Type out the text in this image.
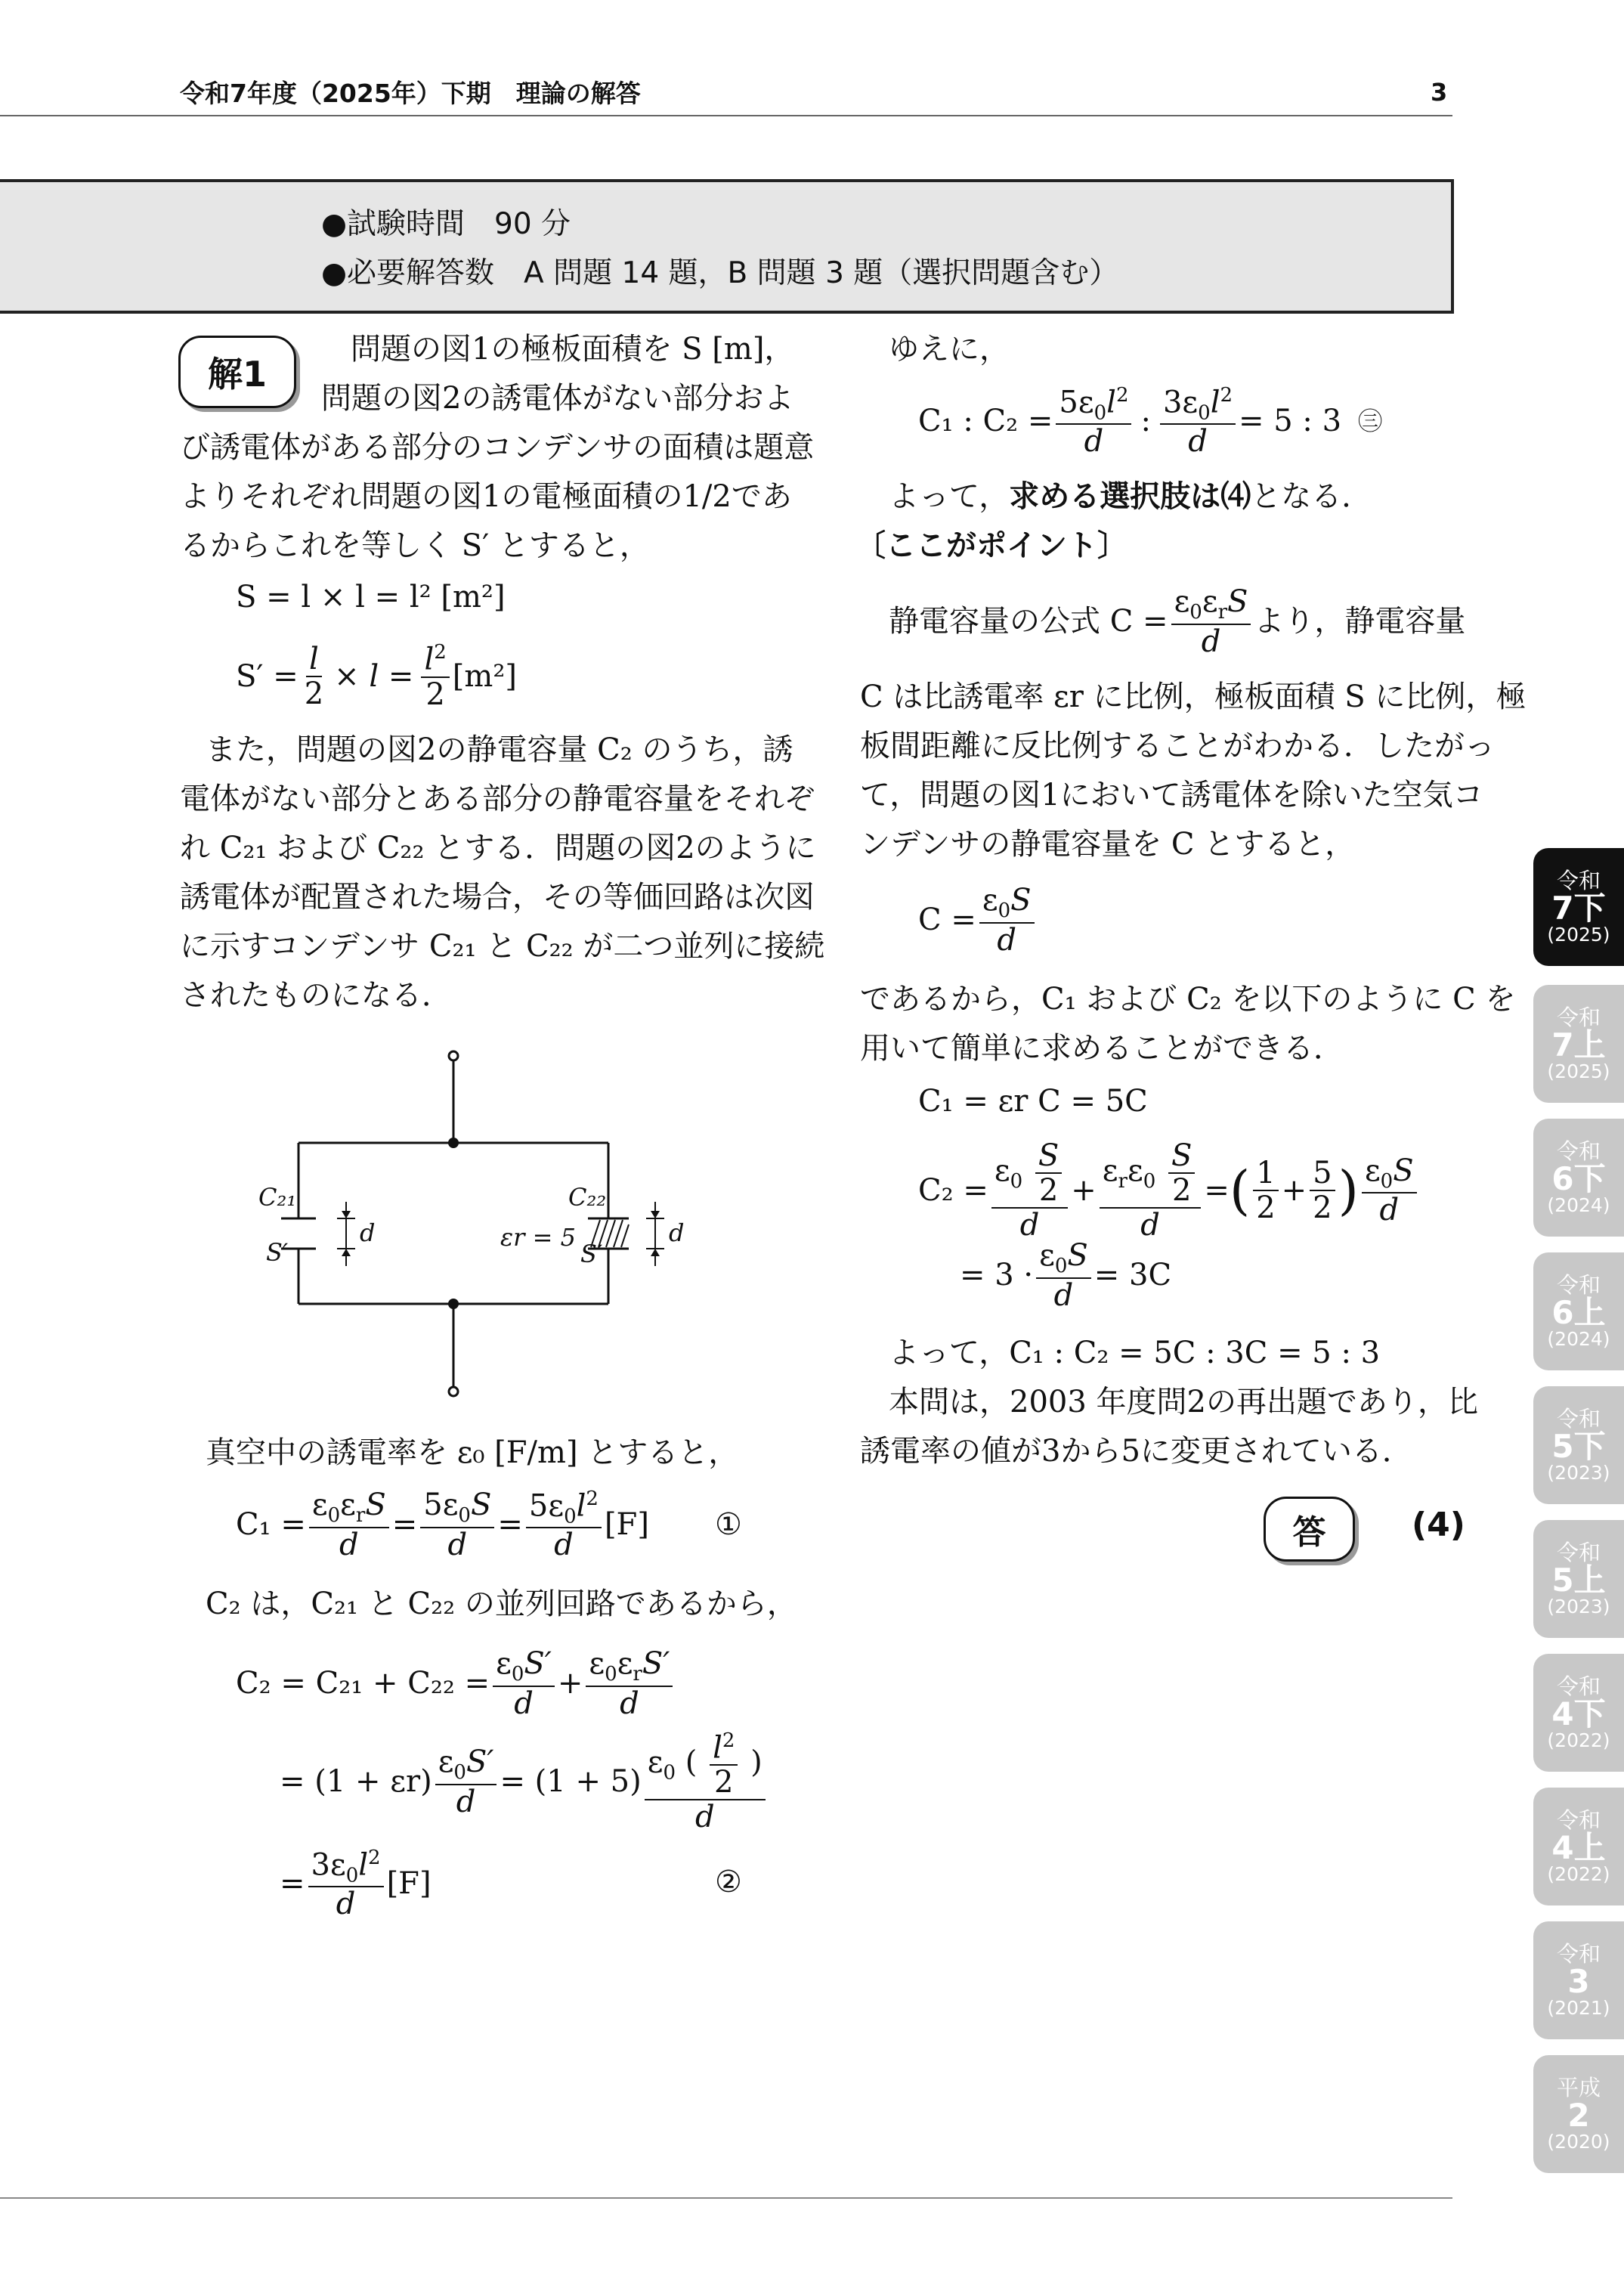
令和7年度（2025年）下期　理論の解答	3
●試験時間　90 分
●必要解答数　A 問題 14 題，B 問題 3 題（選択問題含む）
解1
問題の図1の極板面積を S [m]，
問題の図2の誘電体がない部分およ
び誘電体がある部分のコンデンサの面積は題意
よりそれぞれ問題の図1の電極面積の1/2であ
るからこれを等しく S′ とすると，
S = l × l = l² [m²]
$S' = \frac{l}{2} \times l = \frac{l^2}{2} [m^2]$
また，問題の図2の静電容量 C₂ のうち，誘
電体がない部分とある部分の静電容量をそれぞ
れ C₂₁ および C₂₂ とする．問題の図2のように
誘電体が配置された場合，その等価回路は次図
に示すコンデンサ C₂₁ と C₂₂ が二つ並列に接続
されたものになる．
C₂₁
S′
d
C₂₂
S′
d
εr = 5
真空中の誘電率を ε₀ [F/m] とすると，
$C_1 = \frac{\varepsilon_0\varepsilon_rS}{d} = \frac{5\varepsilon_0S}{d} = \frac{5\varepsilon_0l^2}{d} [F]$ ①
C₂ は，C₂₁ と C₂₂ の並列回路であるから，
$C_2 = C_{21} + C_{22} = \frac{\varepsilon_0S'}{d} + \frac{\varepsilon_0\varepsilon_rS'}{d}$
= $(1 + \varepsilon r) \frac{\varepsilon_0S'}{d} = (1 + 5) \frac{\varepsilon_0 ( \frac{l^2}{2} )}{d}$
= $\frac{3\varepsilon_0l^2}{d} [F]$	②
ゆえに，
C₁ : $C_2 = \frac{5\varepsilon_0l^2}{d}$ : $\frac{3\varepsilon_0l^2}{d} = 5$ : 3 ㊂
よって，求める選択肢は⑷となる．
〔ここがポイント〕
静電容量の公式 $C = \frac{\varepsilon_0\varepsilon_rS}{d}$ より，静電容量
C は比誘電率 εr に比例，極板面積 S に比例，極
板間距離に反比例することがわかる．したがっ
て，問題の図1において誘電体を除いた空気コ
ンデンサの静電容量を C とすると，
$C = \frac{\varepsilon_0S}{d}$
であるから，C₁ および C₂ を以下のように C を
用いて簡単に求めることができる．
C₁ = εr C = 5C
$C_2 = \frac{\varepsilon_0 \frac{S}{2}}{d} + \frac{\varepsilon_r\varepsilon_0 \frac{S}{2}}{d}$ = ( $\frac{1}{2} + \frac{5}{2}$ ) $\frac{\varepsilon_0S}{d}$
= $3 \cdot \frac{\varepsilon_0S}{d} = 3C$
よって，C₁ : C₂ = 5C : 3C = 5 : 3
本問は，2003 年度問2の再出題であり，比
誘電率の値が3から5に変更されている．
答	(4)
令和
7下
(2025)
令和
7上
(2025)
令和
6下
(2024)
令和
6上
(2024)
令和
5下
(2023)
令和
5上
(2023)
令和
4下
(2022)
令和
4上
(2022)
令和
3
(2021)
平成
2
(2020)
